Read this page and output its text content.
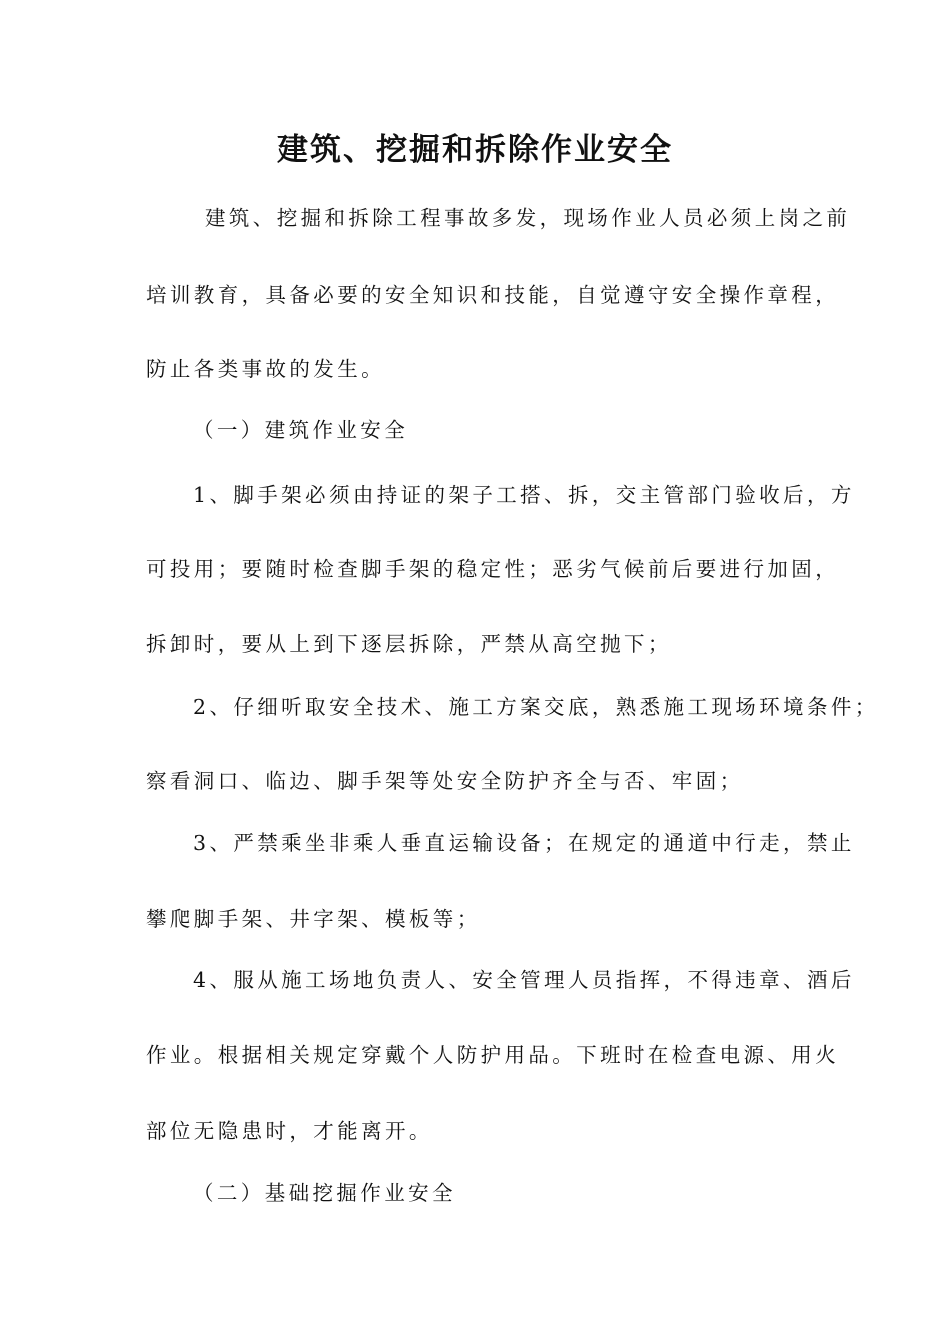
建筑、挖掘和拆除作业安全
建筑、挖掘和拆除工程事故多发，现场作业人员必须上岗之前
培训教育，具备必要的安全知识和技能，自觉遵守安全操作章程，
防止各类事故的发生。
（一）建筑作业安全
1、脚手架必须由持证的架子工搭、拆，交主管部门验收后，方
可投用；要随时检查脚手架的稳定性；恶劣气候前后要进行加固，
拆卸时，要从上到下逐层拆除，严禁从高空抛下；
2、仔细听取安全技术、施工方案交底，熟悉施工现场环境条件；
察看洞口、临边、脚手架等处安全防护齐全与否、牢固；
3、严禁乘坐非乘人垂直运输设备；在规定的通道中行走，禁止
攀爬脚手架、井字架、模板等；
4、服从施工场地负责人、安全管理人员指挥，不得违章、酒后
作业。根据相关规定穿戴个人防护用品。下班时在检查电源、用火
部位无隐患时，才能离开。
（二）基础挖掘作业安全
